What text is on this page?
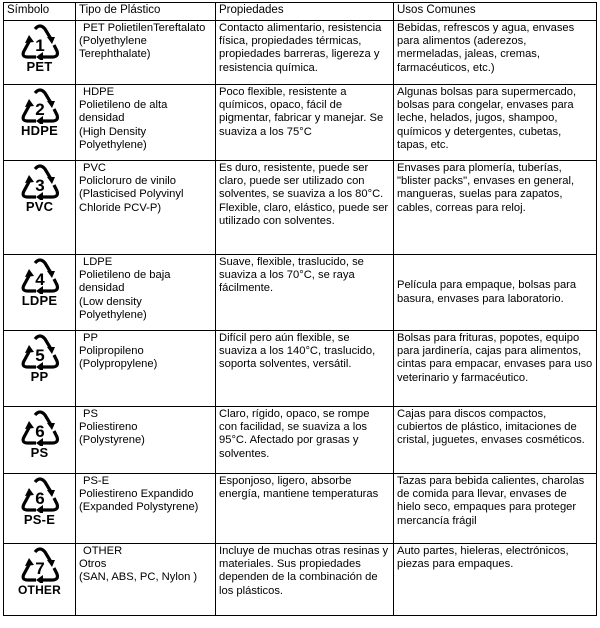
Símbolo	Tipo de Plástico	Propiedades	Usos Comunes

1
PET	PET PolietilenTereftalato
(Polyethylene
Terephthalate)	Contacto alimentario, resistencia física, propiedades térmicas, propiedades barreras, ligereza y resistencia química.	Bebidas, refrescos y agua, envases para alimentos (aderezos, mermeladas, jaleas, cremas, farmacéuticos, etc.)

2
HDPE	HDPE
Polietileno de alta
densidad
(High Density
Polyethylene)	Poco flexible, resistente a químicos, opaco, fácil de pigmentar, fabricar y manejar. Se suaviza a los 75°C	Algunas bolsas para supermercado, bolsas para congelar, envases para leche, helados, jugos, shampoo, químicos y detergentes, cubetas, tapas, etc.

3
PVC	PVC
Policloruro de vinilo
(Plasticised Polyvinyl
Chloride PCV-P)	Es duro, resistente, puede ser claro, puede ser utilizado con solventes, se suaviza a los 80°C. Flexible, claro, elástico, puede ser utilizado con solventes.	Envases para plomería, tuberías, "blister packs", envases en general, mangueras, suelas para zapatos, cables, correas para reloj.

4
LDPE	LDPE
Polietileno de baja
densidad
(Low density
Polyethylene)	Suave, flexible, traslucido, se suaviza a los 70°C, se raya fácilmente.	Película para empaque, bolsas para basura, envases para laboratorio.

5
PP	PP
Polipropileno
(Polypropylene)	Difícil pero aún flexible, se suaviza a los 140°C, traslucido, soporta solventes, versátil.	Bolsas para frituras, popotes, equipo para jardinería, cajas para alimentos, cintas para empacar, envases para uso veterinario y farmacéutico.

6
PS	PS
Poliestireno
(Polystyrene)	Claro, rígido, opaco, se rompe con facilidad, se suaviza a los 95°C. Afectado por grasas y solventes.	Cajas para discos compactos, cubiertos de plástico, imitaciones de cristal, juguetes, envases cosméticos.

6
PS-E	PS-E
Poliestireno Expandido
(Expanded Polystyrene)	Esponjoso, ligero, absorbe energía, mantiene temperaturas	Tazas para bebida calientes, charolas de comida para llevar, envases de hielo seco, empaques para proteger mercancía frágil

7
OTHER	OTHER
Otros
(SAN, ABS, PC, Nylon )	Incluye de muchas otras resinas y materiales. Sus propiedades dependen de la combinación de los plásticos.	Auto partes, hieleras, electrónicos, piezas para empaques.
